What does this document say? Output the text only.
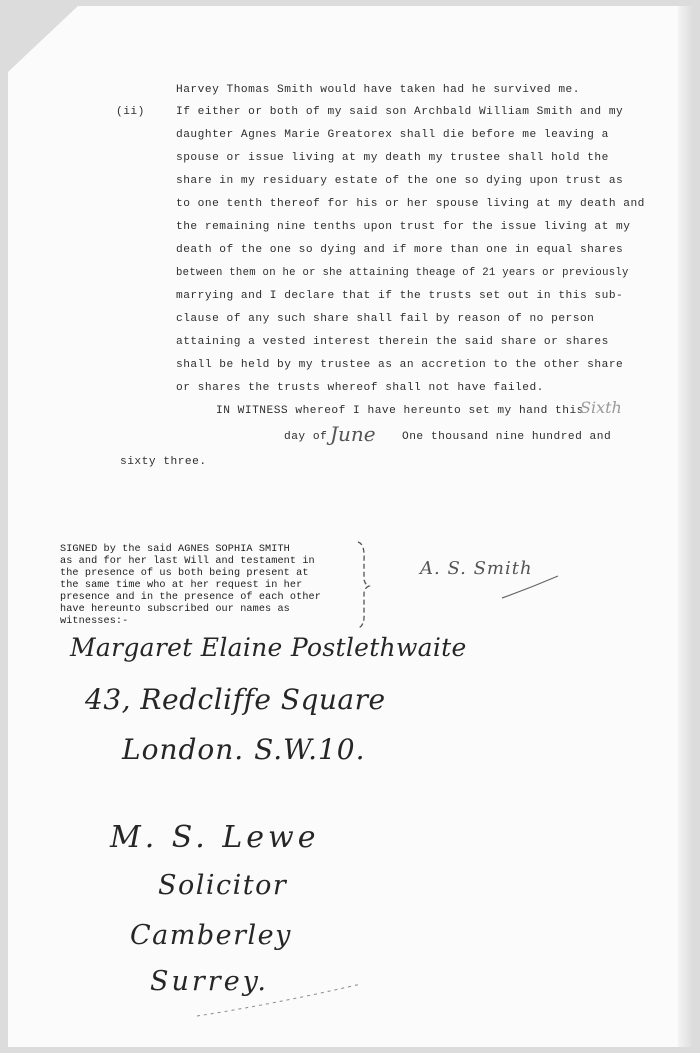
(ii)
Harvey Thomas Smith would have taken had he survived me.
If either or both of my said son Archbald William Smith and my
daughter Agnes Marie Greatorex shall die before me leaving a
spouse or issue living at my death my trustee shall hold the
share in my residuary estate of the one so dying upon trust as
to one tenth thereof for his or her spouse living at my death and
the remaining nine tenths upon trust for the issue living at my
death of the one so dying and if more than one in equal shares
between them on he or she attaining theage of 21 years or previously
marrying and I declare that if the trusts set out in this sub-
clause of any such share shall fail by reason of no person
attaining a vested interest therein the said share or shares
shall be held by my trustee as an accretion to the other share
or shares the trusts whereof shall not have failed.
IN WITNESS whereof I have hereunto set my hand this
Sixth
day of June One thousand nine hundred and
sixty three.
SIGNED by the said AGNES SOPHIA SMITH
as and for her last Will and testament in
the presence of us both being present at
the same time who at her request in her
presence and in the presence of each other
have hereunto subscribed our names as
witnesses:-
A. S. Smith
Margaret Elaine Postlethwaite
43, Redcliffe Square
London. S.W.10.
M. S. Lewe
Solicitor
Camberley
Surrey.
